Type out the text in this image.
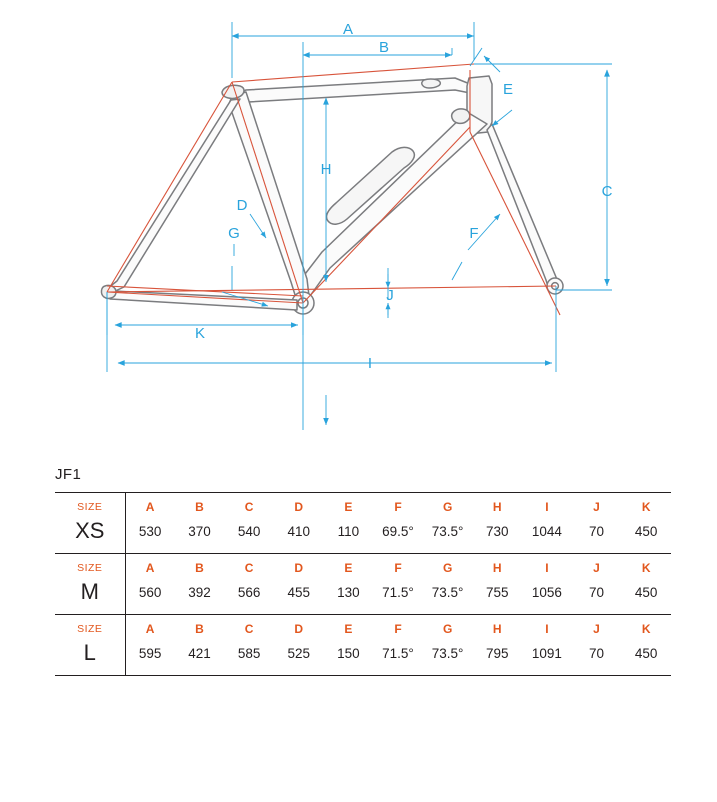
A
B
C
D
E
F
G
H
I
J
K
JF1
SIZE	A	B	C	D	E	F	G	H	I	J	K
XS	530	370	540	410	110	69.5°	73.5°	730	1044	70	450
SIZE	A	B	C	D	E	F	G	H	I	J	K
M	560	392	566	455	130	71.5°	73.5°	755	1056	70	450
SIZE	A	B	C	D	E	F	G	H	I	J	K
L	595	421	585	525	150	71.5°	73.5°	795	1091	70	450
